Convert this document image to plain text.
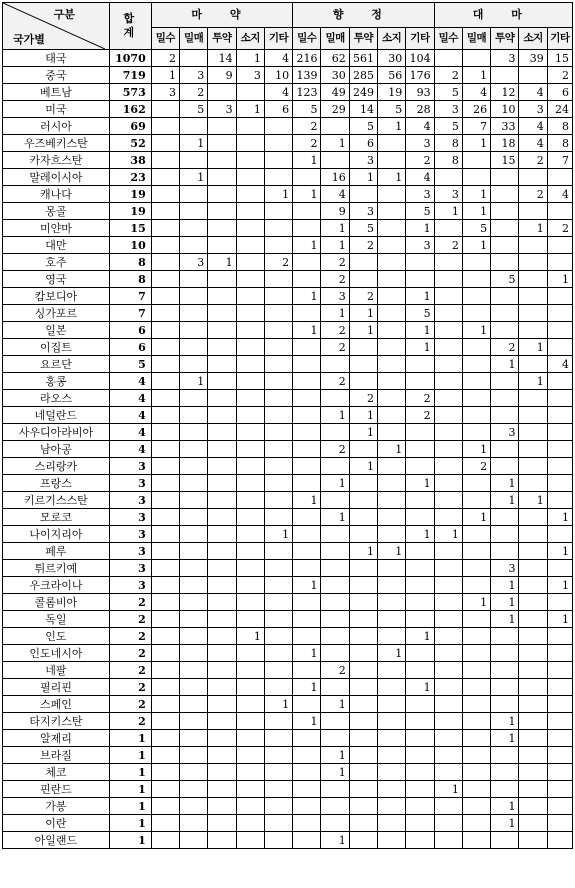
구분
국가별	합 계	마 약					향 정					대 마				
		밀수	밀매	투약	소지	기타	밀수	밀매	투약	소지	기타	밀수	밀매	투약	소지	기타
태국	1070	2		14	1	4	216	62	561	30	104			3	39	15
중국	719	1	3	9	3	10	139	30	285	56	176	2	1			2
베트남	573	3	2			4	123	49	249	19	93	5	4	12	4	6
미국	162		5	3	1	6	5	29	14	5	28	3	26	10	3	24
러시아	69						2		5	1	4	5	7	33	4	8
우즈베키스탄	52		1				2	1	6		3	8	1	18	4	8
카자흐스탄	38						1		3		2	8		15	2	7
말레이시아	23		1					16	1	1	4					
캐나다	19					1	1	4			3	3	1		2	4
몽골	19							9	3		5	1	1			
미얀마	15							1	5		1		5		1	2
대만	10						1	1	2		3	2	1			
호주	8		3	1		2		2								
영국	8							2						5		1
캄보디아	7						1	3	2		1					
싱가포르	7							1	1		5					
일본	6						1	2	1		1		1			
이집트	6							2			1			2	1	
요르단	5													1		4
홍콩	4		1					2							1	
라오스	4								2		2					
네덜란드	4							1	1		2					
사우디아라비아	4								1					3		
남아공	4							2		1			1			
스리랑카	3								1				2			
프랑스	3							1			1			1		
키르기스스탄	3						1							1	1	
모로코	3							1					1			1
나이지리아	3					1					1	1				
페루	3								1	1						1
튀르키예	3													3		
우크라이나	3						1							1		1
콜롬비아	2												1	1		
독일	2													1		1
인도	2				1						1					
인도네시아	2						1			1						
네팔	2							2								
필리핀	2						1				1					
스페인	2					1		1								
타지키스탄	2						1							1		
알제리	1													1		
브라질	1							1								
체코	1							1								
핀란드	1											1				
가봉	1													1		
이란	1													1		
아일랜드	1							1								
